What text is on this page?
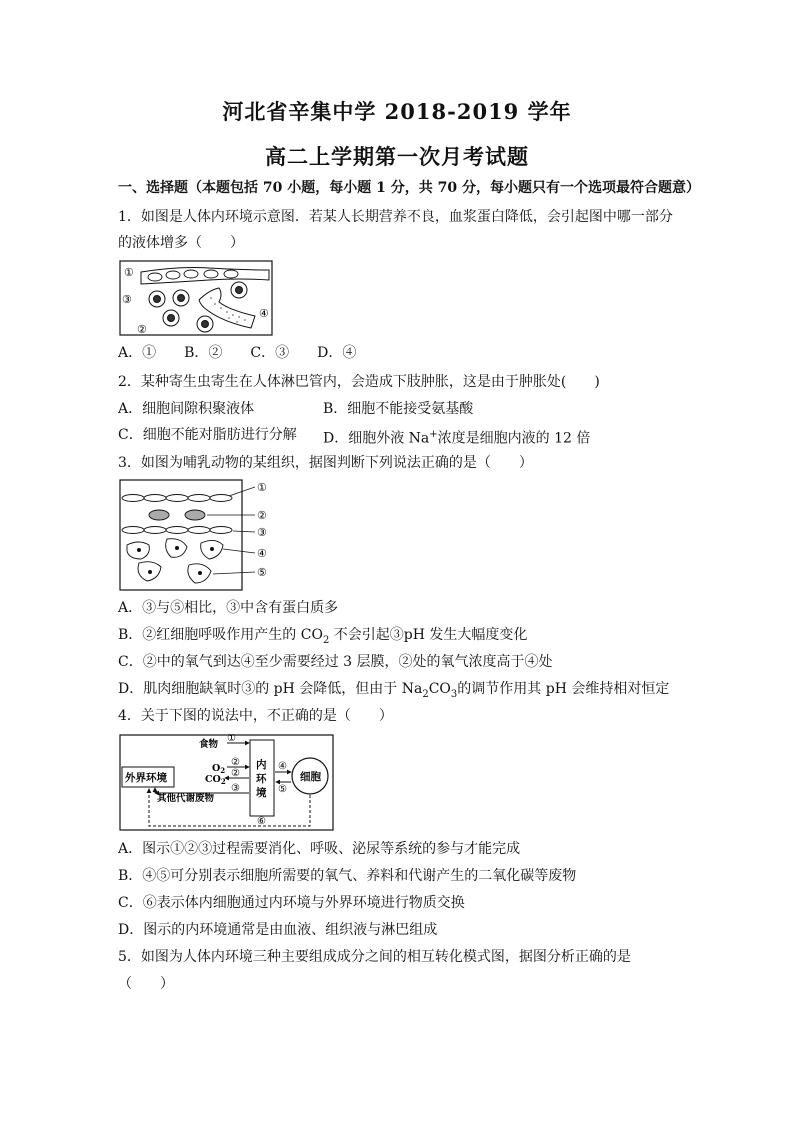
河北省辛集中学 2018-2019 学年
高二上学期第一次月考试题
一、选择题（本题包括 70 小题，每小题 1 分，共 70 分，每小题只有一个选项最符合题意）
1．如图是人体内环境示意图．若某人长期营养不良，血浆蛋白降低，会引起图中哪一部分
的液体增多（　　）
①
③
②
④
A．①　　B．②　　C．③　　D．④
2．某种寄生虫寄生在人体淋巴管内，会造成下肢肿胀，这是由于肿胀处(　　)
A．细胞间隙积聚液体	B．细胞不能接受氨基酸
C．细胞不能对脂肪进行分解 D．细胞外液 Na+浓度是细胞内液的 12 倍
3．如图为哺乳动物的某组织，据图判断下列说法正确的是（　　）
①
②
③
④
⑤
A．③与⑤相比，③中含有蛋白质多
B．②红细胞呼吸作用产生的 $CO_2$ 不会引起③pH 发生大幅度变化
C．②中的氧气到达④至少需要经过 3 层膜，②处的氧气浓度高于④处
D．肌肉细胞缺氧时③的 pH 会降低，但由于 $Na_2CO_3$的调节作用其 pH 会维持相对恒定
4．关于下图的说法中，不正确的是（　　）
外界环境
内
环
境
细胞
食物
①
$O_2$
②
$CO_2$
②
③
其他代谢废物
④
⑤
⑥
A．图示①②③过程需要消化、呼吸、泌尿等系统的参与才能完成
B．④⑤可分别表示细胞所需要的氧气、养料和代谢产生的二氧化碳等废物
C．⑥表示体内细胞通过内环境与外界环境进行物质交换
D．图示的内环境通常是由血液、组织液与淋巴组成
5．如图为人体内环境三种主要组成成分之间的相互转化模式图，据图分析正确的是
（　　）
